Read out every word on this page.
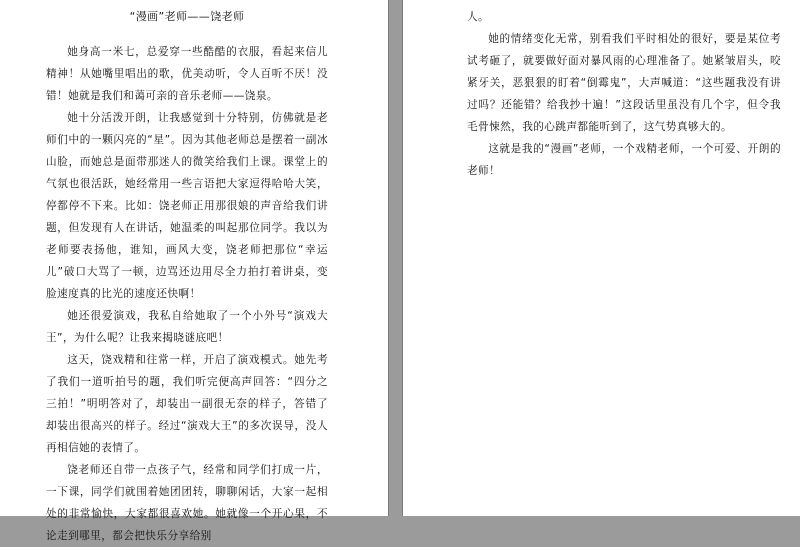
“漫画”老师——饶老师

她身高一米七，总爱穿一些酷酷的衣服，看起来信儿精神！从她嘴里唱出的歌，优美动听，令人百听不厌！没错！她就是我们和蔼可亲的音乐老师——饶泉。

她十分活泼开朗，让我感觉到十分特别，仿佛就是老师们中的一颗闪亮的“星”。因为其他老师总是摆着一副冰山脸，而她总是面带那迷人的微笑给我们上课。课堂上的气氛也很活跃，她经常用一些言语把大家逗得哈哈大笑，停都停不下来。比如：饶老师正用那很娘的声音给我们讲题，但发现有人在讲话，她温柔的叫起那位同学。我以为老师要表扬他，谁知，画风大变，饶老师把那位“幸运儿”破口大骂了一顿，边骂还边用尽全力拍打着讲桌，变脸速度真的比光的速度还快啊！

她还很爱演戏，我私自给她取了一个小外号“演戏大王”，为什么呢？让我来揭晓谜底吧！

这天，饶戏精和往常一样，开启了演戏模式。她先考了我们一道听拍号的题，我们听完便高声回答：“四分之三拍！”明明答对了，却装出一副很无奈的样子，答错了却装出很高兴的样子。经过“演戏大王”的多次误导，没人再相信她的表情了。

饶老师还自带一点孩子气，经常和同学们打成一片，一下课，同学们就围着她团团转，聊聊闲话，大家一起相处的非常愉快，大家都很喜欢她。她就像一个开心果，不论走到哪里，都会把快乐分享给别

人。

她的情绪变化无常，别看我们平时相处的很好，要是某位考试考砸了，就要做好面对暴风雨的心理准备了。她紧皱眉头，咬紧牙关，恶狠狠的盯着“倒霉鬼”，大声喊道：“这些题我没有讲过吗？还能错？给我抄十遍！”这段话里虽没有几个字，但令我毛骨悚然，我的心跳声都能听到了，这气势真够大的。

这就是我的“漫画”老师，一个戏精老师，一个可爱、开朗的老师！
